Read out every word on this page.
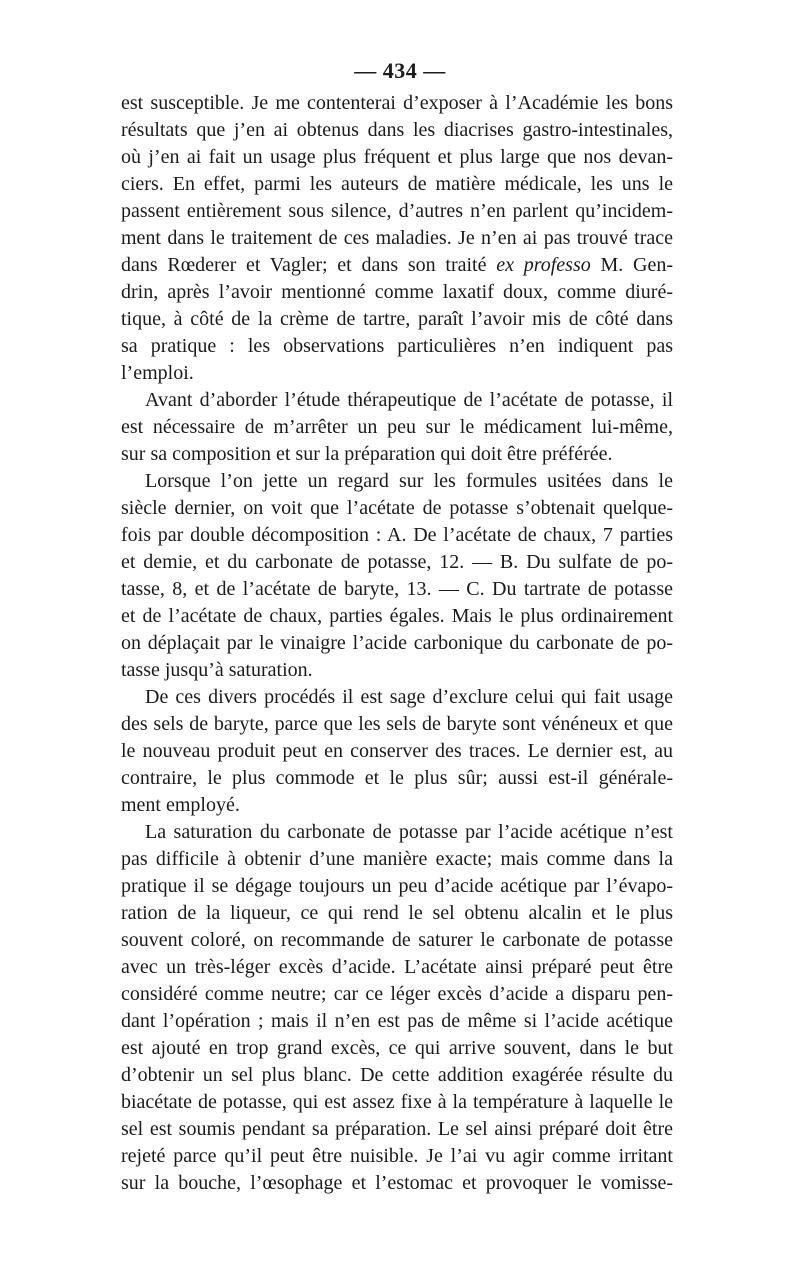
— 434 —
est susceptible. Je me contenterai d’exposer à l’Académie les bons
résultats que j’en ai obtenus dans les diacrises gastro-intestinales,
où j’en ai fait un usage plus fréquent et plus large que nos devan-
ciers. En effet, parmi les auteurs de matière médicale, les uns le
passent entièrement sous silence, d’autres n’en parlent qu’incidem-
ment dans le traitement de ces maladies. Je n’en ai pas trouvé trace
dans Rœderer et Vagler; et dans son traité ex professo M. Gen-
drin, après l’avoir mentionné comme laxatif doux, comme diuré-
tique, à côté de la crème de tartre, paraît l’avoir mis de côté dans
sa pratique : les observations particulières n’en indiquent pas
l’emploi.
Avant d’aborder l’étude thérapeutique de l’acétate de potasse, il
est nécessaire de m’arrêter un peu sur le médicament lui-même,
sur sa composition et sur la préparation qui doit être préférée.
Lorsque l’on jette un regard sur les formules usitées dans le
siècle dernier, on voit que l’acétate de potasse s’obtenait quelque-
fois par double décomposition : A. De l’acétate de chaux, 7 parties
et demie, et du carbonate de potasse, 12. — B. Du sulfate de po-
tasse, 8, et de l’acétate de baryte, 13. — C. Du tartrate de potasse
et de l’acétate de chaux, parties égales. Mais le plus ordinairement
on déplaçait par le vinaigre l’acide carbonique du carbonate de po-
tasse jusqu’à saturation.
De ces divers procédés il est sage d’exclure celui qui fait usage
des sels de baryte, parce que les sels de baryte sont vénéneux et que
le nouveau produit peut en conserver des traces. Le dernier est, au
contraire, le plus commode et le plus sûr; aussi est-il générale-
ment employé.
La saturation du carbonate de potasse par l’acide acétique n’est
pas difficile à obtenir d’une manière exacte; mais comme dans la
pratique il se dégage toujours un peu d’acide acétique par l’évapo-
ration de la liqueur, ce qui rend le sel obtenu alcalin et le plus
souvent coloré, on recommande de saturer le carbonate de potasse
avec un très-léger excès d’acide. L’acétate ainsi préparé peut être
considéré comme neutre; car ce léger excès d’acide a disparu pen-
dant l’opération ; mais il n’en est pas de même si l’acide acétique
est ajouté en trop grand excès, ce qui arrive souvent, dans le but
d’obtenir un sel plus blanc. De cette addition exagérée résulte du
biacétate de potasse, qui est assez fixe à la température à laquelle le
sel est soumis pendant sa préparation. Le sel ainsi préparé doit être
rejeté parce qu’il peut être nuisible. Je l’ai vu agir comme irritant
sur la bouche, l’œsophage et l’estomac et provoquer le vomisse-
